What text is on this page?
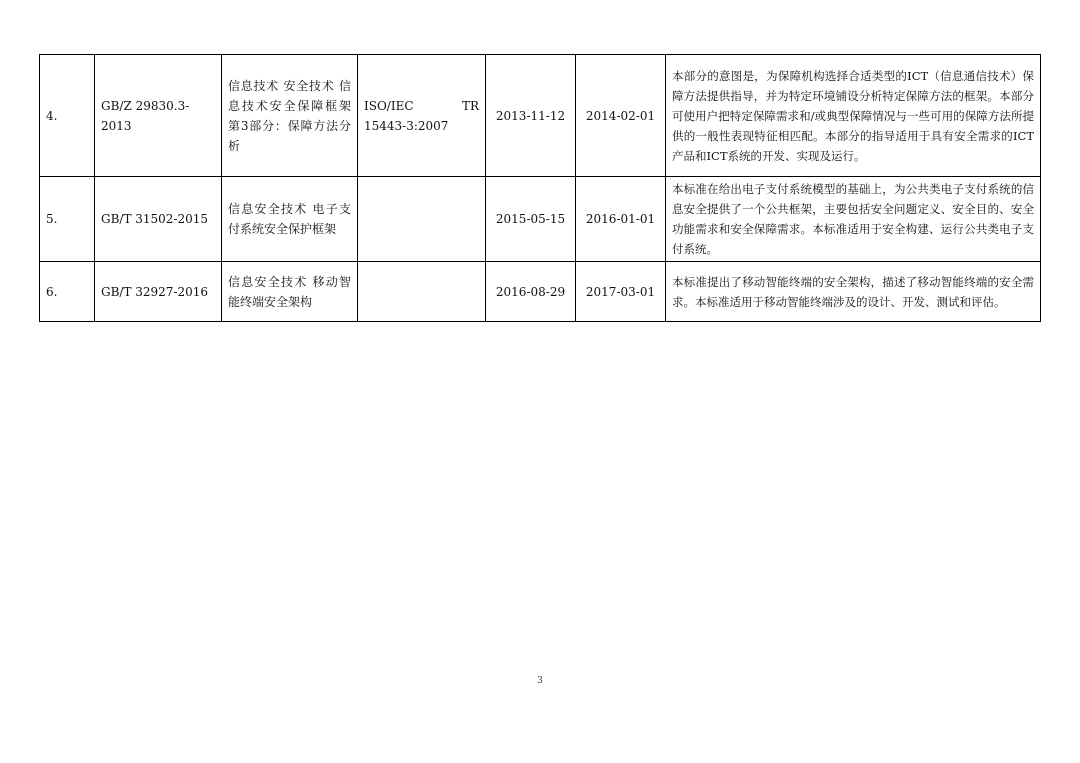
4.	GB/Z 29830.3-2013	信息技术 安全技术 信息技术安全保障框架 第3部分：保障方法分析	ISO/IEC TR 15443-3:2007	2013-11-12	2014-02-01	本部分的意图是，为保障机构选择合适类型的ICT（信息通信技术）保障方法提供指导，并为特定环境铺设分析特定保障方法的框架。本部分可使用户把特定保障需求和/或典型保障情况与一些可用的保障方法所提供的一般性表现特征相匹配。本部分的指导适用于具有安全需求的ICT产品和ICT系统的开发、实现及运行。
5.	GB/T 31502-2015	信息安全技术 电子支付系统安全保护框架		2015-05-15	2016-01-01	本标准在给出电子支付系统模型的基础上，为公共类电子支付系统的信息安全提供了一个公共框架，主要包括安全问题定义、安全目的、安全功能需求和安全保障需求。本标准适用于安全构建、运行公共类电子支付系统。
6.	GB/T 32927-2016	信息安全技术 移动智能终端安全架构		2016-08-29	2017-03-01	本标准提出了移动智能终端的安全架构，描述了移动智能终端的安全需求。本标准适用于移动智能终端涉及的设计、开发、测试和评估。
3
